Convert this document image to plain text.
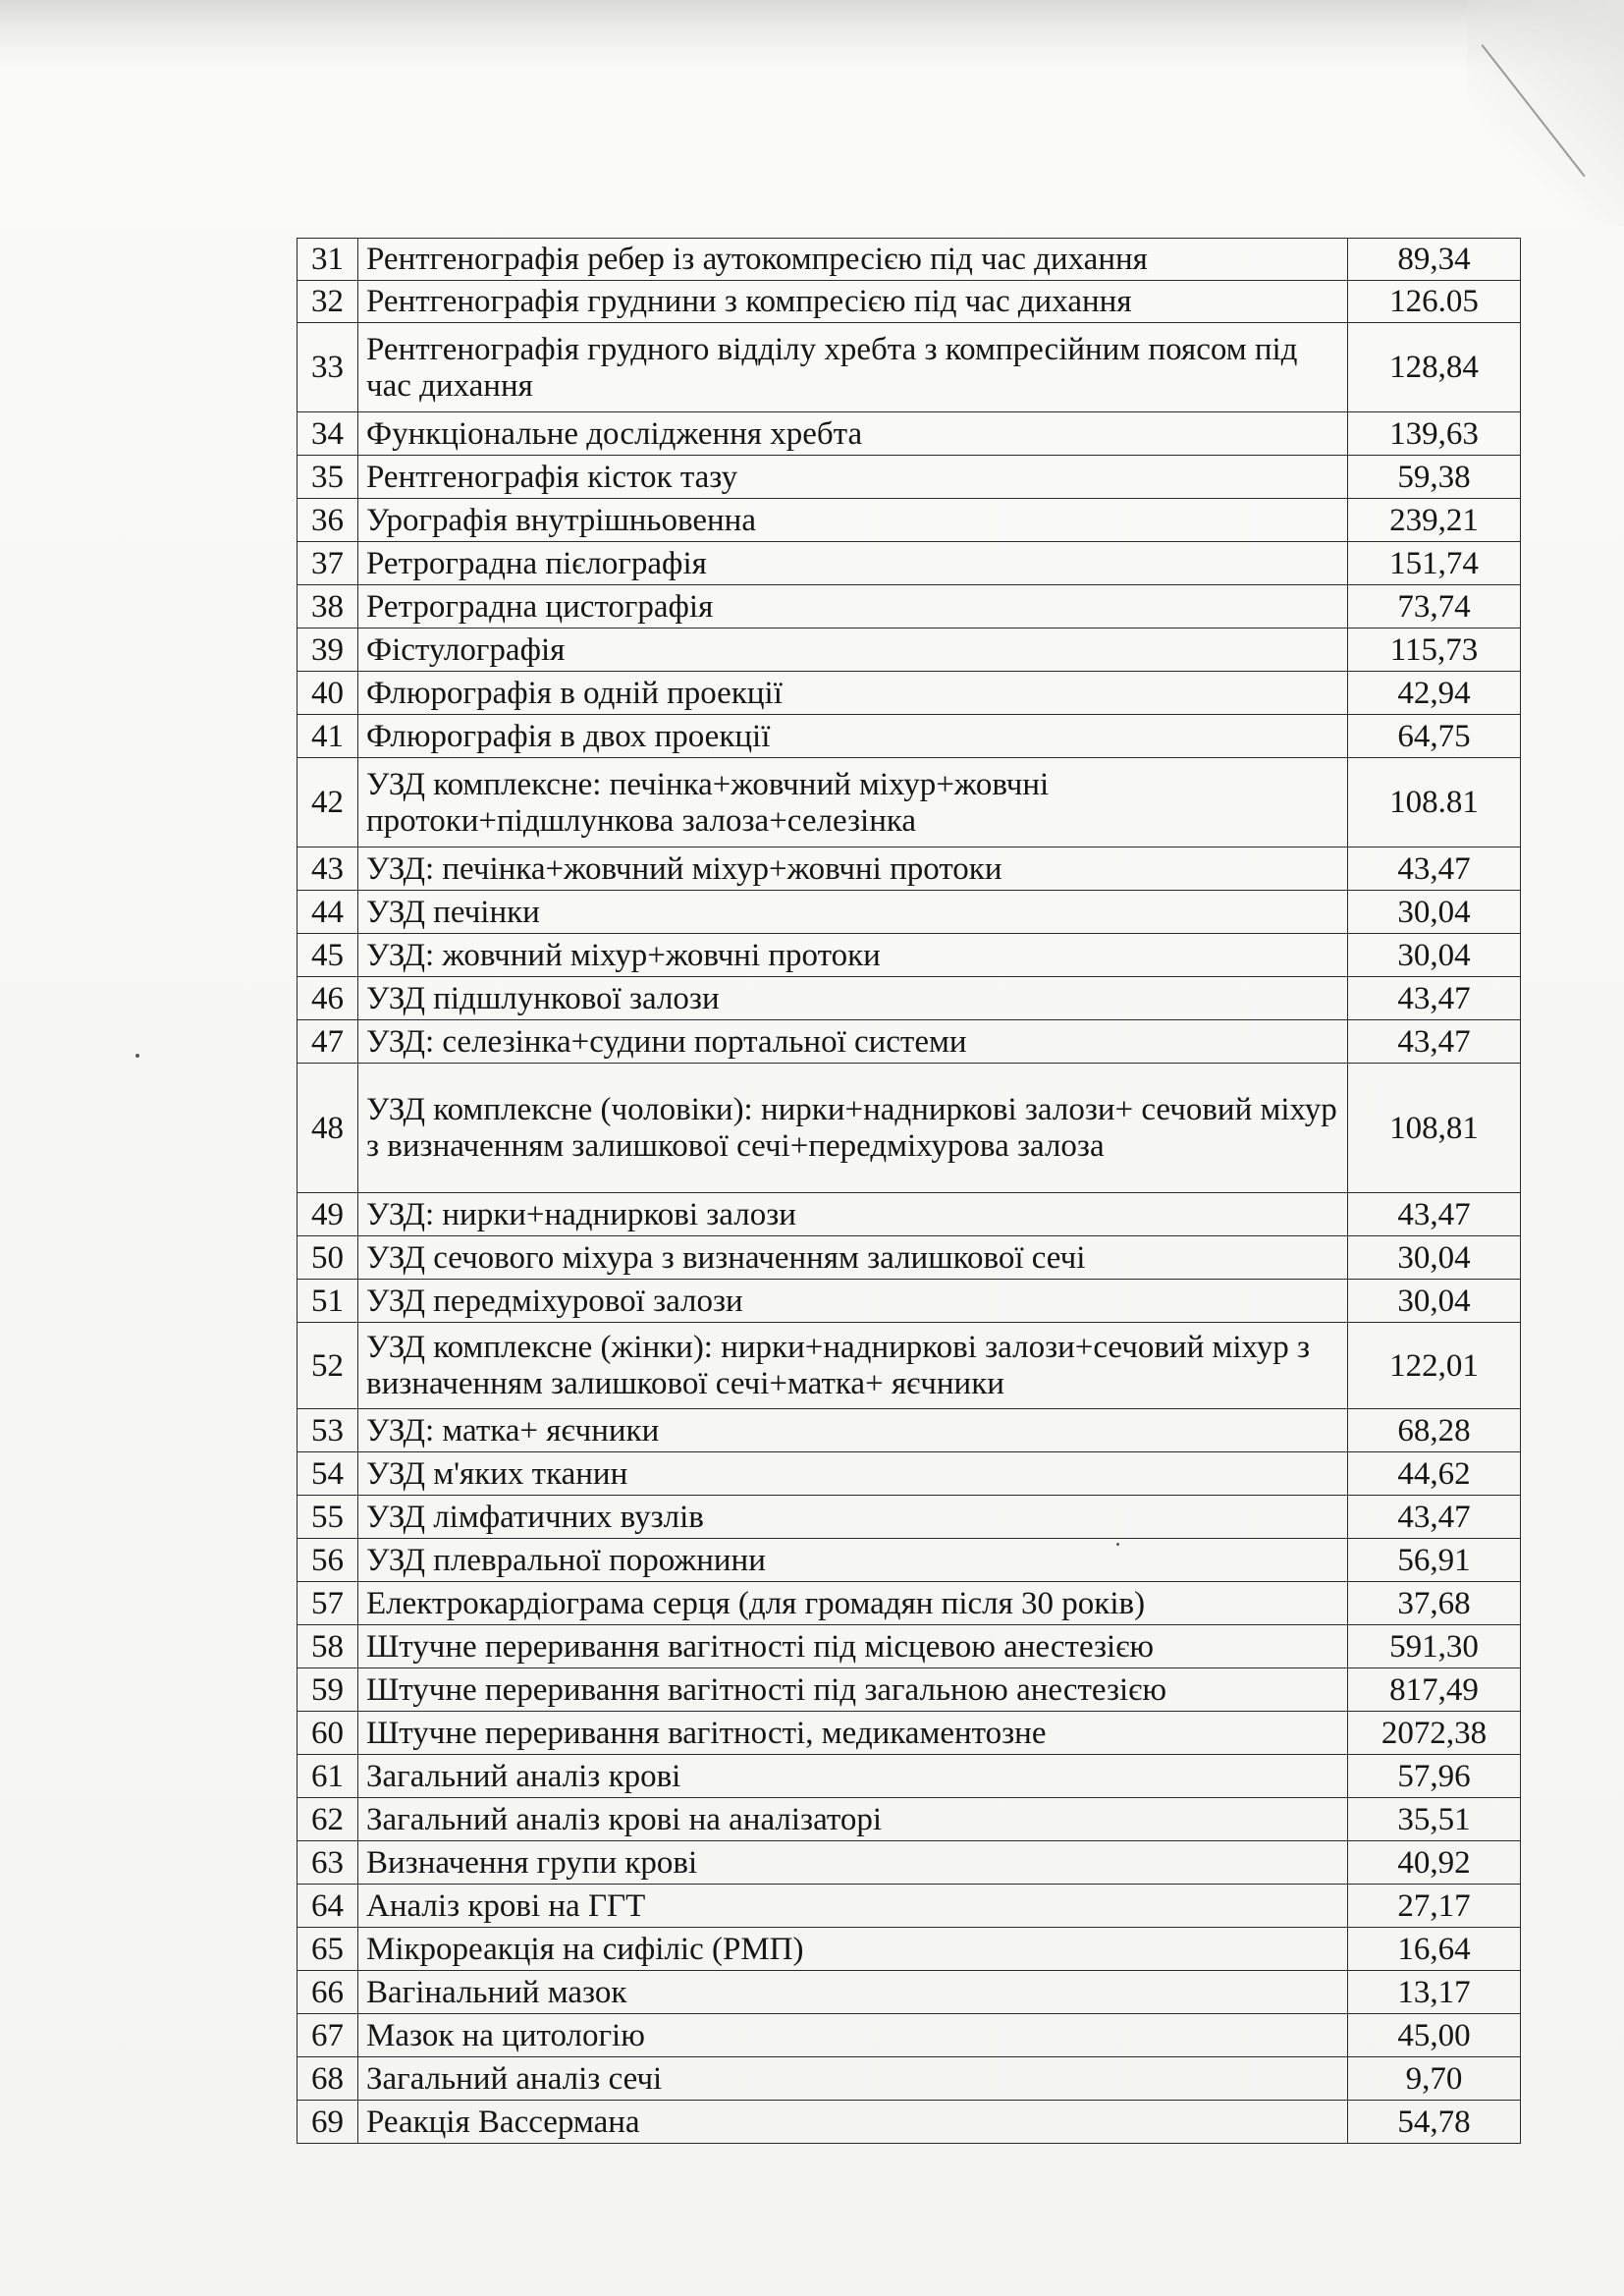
31	Рентгенографія ребер із аутокомпресією під час дихання	89,34
32	Рентгенографія груднини з компресією під час дихання	126.05
33	Рентгенографія грудного відділу хребта з компресійним поясом під час дихання	128,84
34	Функціональне дослідження хребта	139,63
35	Рентгенографія кісток тазу	59,38
36	Урографія внутрішньовенна	239,21
37	Ретроградна пієлографія	151,74
38	Ретроградна цистографія	73,74
39	Фістулографія	115,73
40	Флюрографія в одній проекції	42,94
41	Флюрографія в двох проекції	64,75
42	УЗД комплексне: печінка+жовчний міхур+жовчні протоки+підшлункова залоза+селезінка	108.81
43	УЗД: печінка+жовчний міхур+жовчні протоки	43,47
44	УЗД печінки	30,04
45	УЗД: жовчний міхур+жовчні протоки	30,04
46	УЗД підшлункової залози	43,47
47	УЗД: селезінка+судини портальної системи	43,47
48	УЗД комплексне (чоловіки): нирки+надниркові залози+ сечовий міхур з визначенням залишкової сечі+передміхурова залоза	108,81
49	УЗД: нирки+надниркові залози	43,47
50	УЗД сечового міхура з визначенням залишкової сечі	30,04
51	УЗД передміхурової залози	30,04
52	УЗД комплексне (жінки): нирки+надниркові залози+сечовий міхур з визначенням залишкової сечі+матка+ яєчники	122,01
53	УЗД: матка+ яєчники	68,28
54	УЗД м'яких тканин	44,62
55	УЗД лімфатичних вузлів	43,47
56	УЗД плевральної порожнини	56,91
57	Електрокардіограма серця (для громадян після 30 років)	37,68
58	Штучне переривання вагітності під місцевою анестезією	591,30
59	Штучне переривання вагітності під загальною анестезією	817,49
60	Штучне переривання вагітності, медикаментозне	2072,38
61	Загальний аналіз крові	57,96
62	Загальний аналіз крові на аналізаторі	35,51
63	Визначення групи крові	40,92
64	Аналіз крові на ГГТ	27,17
65	Мікрореакція на сифіліс (РМП)	16,64
66	Вагінальний мазок	13,17
67	Мазок на цитологію	45,00
68	Загальний аналіз сечі	9,70
69	Реакція Вассермана	54,78
